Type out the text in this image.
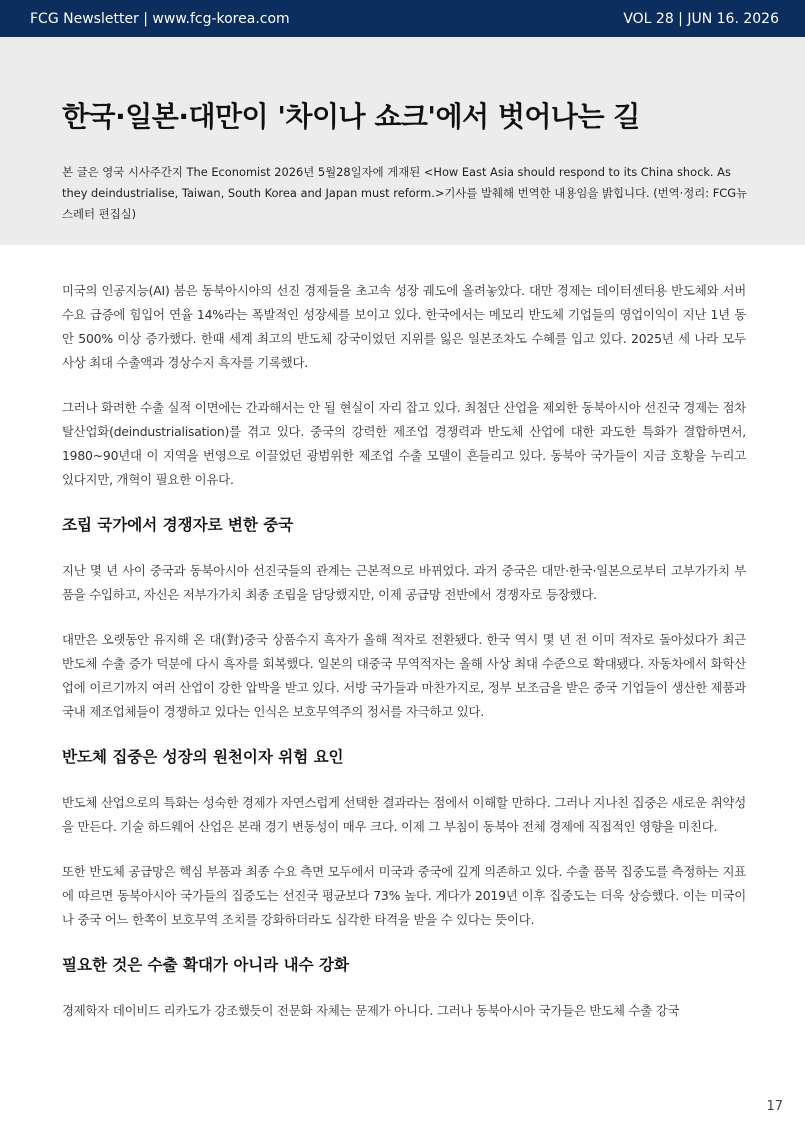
FCG Newsletter | www.fcg-korea.com	VOL 28 | JUN 16. 2026
한국·일본·대만이 '차이나 쇼크'에서 벗어나는 길

본 글은 영국 시사주간지 The Economist 2026년 5월28일자에 게재된 <How East Asia should respond to its China shock. As they deindustrialise, Taiwan, South Korea and Japan must reform.>기사를 발췌해 번역한 내용임을 밝힙니다. (번역·정리: FCG뉴스레터 편집실)

미국의 인공지능(AI) 붐은 동북아시아의 선진 경제들을 초고속 성장 궤도에 올려놓았다. 대만 경제는 데이터센터용 반도체와 서버 수요 급증에 힘입어 연율 14%라는 폭발적인 성장세를 보이고 있다. 한국에서는 메모리 반도체 기업들의 영업이익이 지난 1년 동안 500% 이상 증가했다. 한때 세계 최고의 반도체 강국이었던 지위를 잃은 일본조차도 수혜를 입고 있다. 2025년 세 나라 모두 사상 최대 수출액과 경상수지 흑자를 기록했다.

그러나 화려한 수출 실적 이면에는 간과해서는 안 될 현실이 자리 잡고 있다. 최첨단 산업을 제외한 동북아시아 선진국 경제는 점차 탈산업화(deindustrialisation)를 겪고 있다. 중국의 강력한 제조업 경쟁력과 반도체 산업에 대한 과도한 특화가 결합하면서, 1980~90년대 이 지역을 번영으로 이끌었던 광범위한 제조업 수출 모델이 흔들리고 있다. 동북아 국가들이 지금 호황을 누리고 있다지만, 개혁이 필요한 이유다.

조립 국가에서 경쟁자로 변한 중국

지난 몇 년 사이 중국과 동북아시아 선진국들의 관계는 근본적으로 바뀌었다. 과거 중국은 대만·한국·일본으로부터 고부가가치 부품을 수입하고, 자신은 저부가가치 최종 조립을 담당했지만, 이제 공급망 전반에서 경쟁자로 등장했다.

대만은 오랫동안 유지해 온 대(對)중국 상품수지 흑자가 올해 적자로 전환됐다. 한국 역시 몇 년 전 이미 적자로 돌아섰다가 최근 반도체 수출 증가 덕분에 다시 흑자를 회복했다. 일본의 대중국 무역적자는 올해 사상 최대 수준으로 확대됐다. 자동차에서 화학산업에 이르기까지 여러 산업이 강한 압박을 받고 있다. 서방 국가들과 마찬가지로, 정부 보조금을 받은 중국 기업들이 생산한 제품과 국내 제조업체들이 경쟁하고 있다는 인식은 보호무역주의 정서를 자극하고 있다.

반도체 집중은 성장의 원천이자 위험 요인

반도체 산업으로의 특화는 성숙한 경제가 자연스럽게 선택한 결과라는 점에서 이해할 만하다. 그러나 지나친 집중은 새로운 취약성을 만든다. 기술 하드웨어 산업은 본래 경기 변동성이 매우 크다. 이제 그 부침이 동북아 전체 경제에 직접적인 영향을 미친다.

또한 반도체 공급망은 핵심 부품과 최종 수요 측면 모두에서 미국과 중국에 깊게 의존하고 있다. 수출 품목 집중도를 측정하는 지표에 따르면 동북아시아 국가들의 집중도는 선진국 평균보다 73% 높다. 게다가 2019년 이후 집중도는 더욱 상승했다. 이는 미국이나 중국 어느 한쪽이 보호무역 조치를 강화하더라도 심각한 타격을 받을 수 있다는 뜻이다.

필요한 것은 수출 확대가 아니라 내수 강화

경제학자 데이비드 리카도가 강조했듯이 전문화 자체는 문제가 아니다. 그러나 동북아시아 국가들은 반도체 수출 강국

17
